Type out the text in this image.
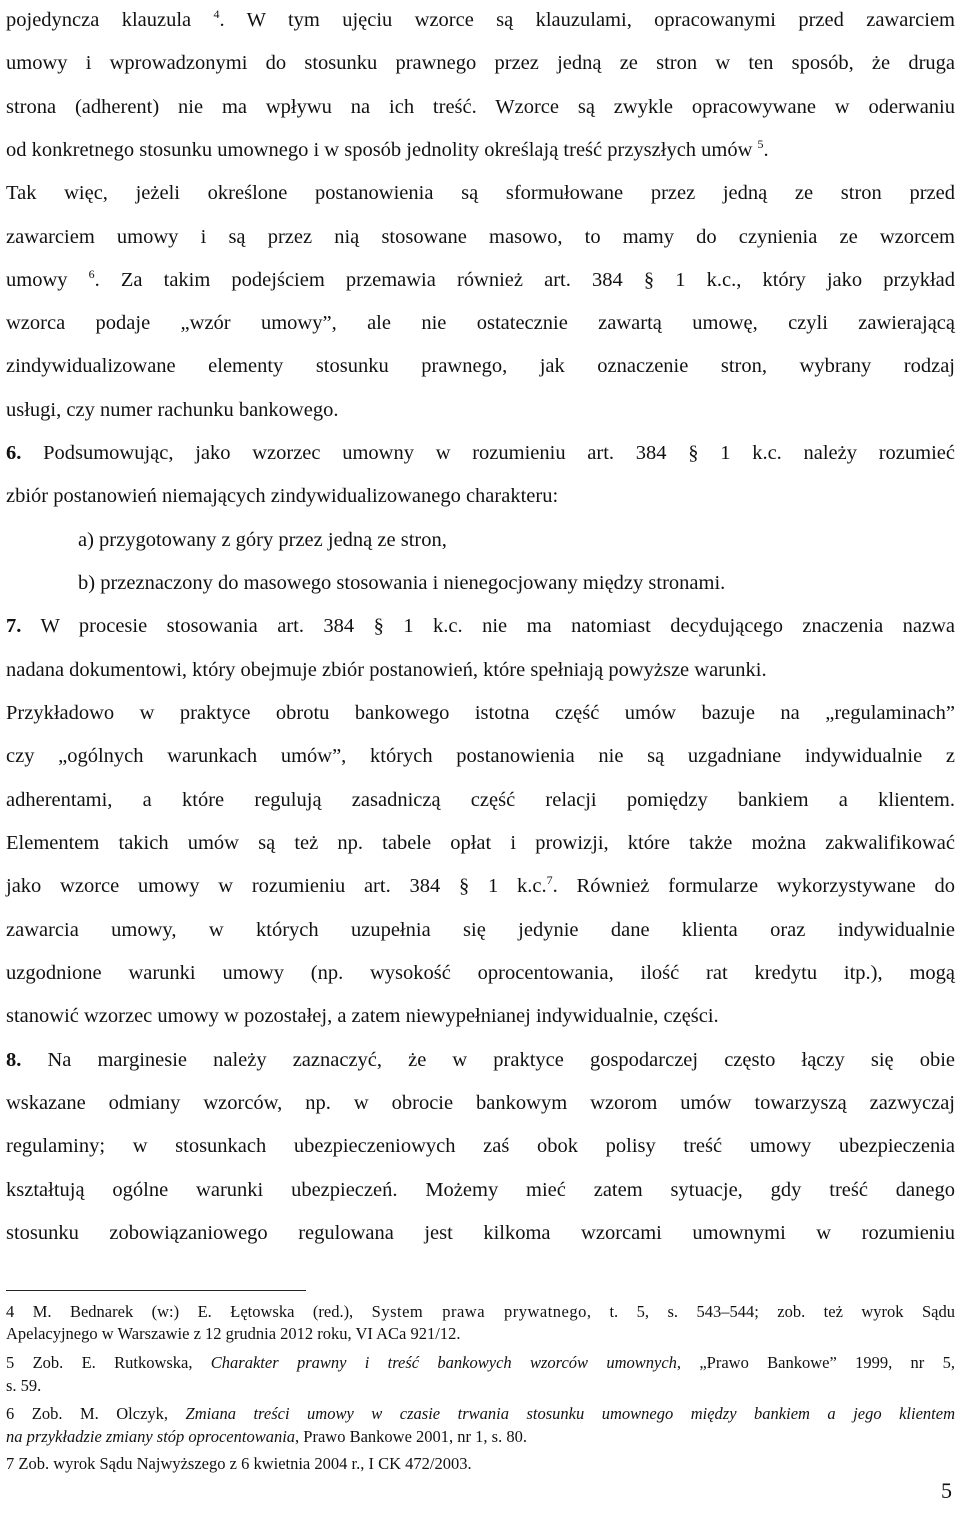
pojedyncza klauzula $^4$. W tym ujęciu wzorce są klauzulami, opracowanymi przed zawarciem
umowy i wprowadzonymi do stosunku prawnego przez jedną ze stron w ten sposób, że druga
strona (adherent) nie ma wpływu na ich treść. Wzorce są zwykle opracowywane w oderwaniu
od konkretnego stosunku umownego i w sposób jednolity określają treść przyszłych umów $^5$.
Tak więc, jeżeli określone postanowienia są sformułowane przez jedną ze stron przed
zawarciem umowy i są przez nią stosowane masowo, to mamy do czynienia ze wzorcem
umowy $^6$. Za takim podejściem przemawia również art. 384 § 1 k.c., który jako przykład
wzorca podaje „wzór umowy”, ale nie ostatecznie zawartą umowę, czyli zawierającą
zindywidualizowane elementy stosunku prawnego, jak oznaczenie stron, wybrany rodzaj
usługi, czy numer rachunku bankowego.
6. Podsumowując, jako wzorzec umowny w rozumieniu art. 384 § 1 k.c. należy rozumieć
zbiór postanowień niemających zindywidualizowanego charakteru:
a) przygotowany z góry przez jedną ze stron,
b) przeznaczony do masowego stosowania i nienegocjowany między stronami.
7. W procesie stosowania art. 384 § 1 k.c. nie ma natomiast decydującego znaczenia nazwa
nadana dokumentowi, który obejmuje zbiór postanowień, które spełniają powyższe warunki.
Przykładowo w praktyce obrotu bankowego istotna część umów bazuje na „regulaminach”
czy „ogólnych warunkach umów”, których postanowienia nie są uzgadniane indywidualnie z
adherentami, a które regulują zasadniczą część relacji pomiędzy bankiem a klientem.
Elementem takich umów są też np. tabele opłat i prowizji, które także można zakwalifikować
jako wzorce umowy w rozumieniu art. 384 § 1 k.c.$^7$. Również formularze wykorzystywane do
zawarcia umowy, w których uzupełnia się jedynie dane klienta oraz indywidualnie
uzgodnione warunki umowy (np. wysokość oprocentowania, ilość rat kredytu itp.), mogą
stanowić wzorzec umowy w pozostałej, a zatem niewypełnianej indywidualnie, części.
8. Na marginesie należy zaznaczyć, że w praktyce gospodarczej często łączy się obie
wskazane odmiany wzorców, np. w obrocie bankowym wzorom umów towarzyszą zazwyczaj
regulaminy; w stosunkach ubezpieczeniowych zaś obok polisy treść umowy ubezpieczenia
kształtują ogólne warunki ubezpieczeń. Możemy mieć zatem sytuacje, gdy treść danego
stosunku zobowiązaniowego regulowana jest kilkoma wzorcami umownymi w rozumieniu
4 M. Bednarek (w:) E. Łętowska (red.), System prawa prywatnego, t. 5, s. 543–544; zob. też wyrok Sądu
Apelacyjnego w Warszawie z 12 grudnia 2012 roku, VI ACa 921/12.
5 Zob. E. Rutkowska, Charakter prawny i treść bankowych wzorców umownych, „Prawo Bankowe” 1999, nr 5,
s. 59.
6 Zob. M. Olczyk, Zmiana treści umowy w czasie trwania stosunku umownego między bankiem a jego klientem
na przykładzie zmiany stóp oprocentowania, Prawo Bankowe 2001, nr 1, s. 80.
7 Zob. wyrok Sądu Najwyższego z 6 kwietnia 2004 r., I CK 472/2003.
5
